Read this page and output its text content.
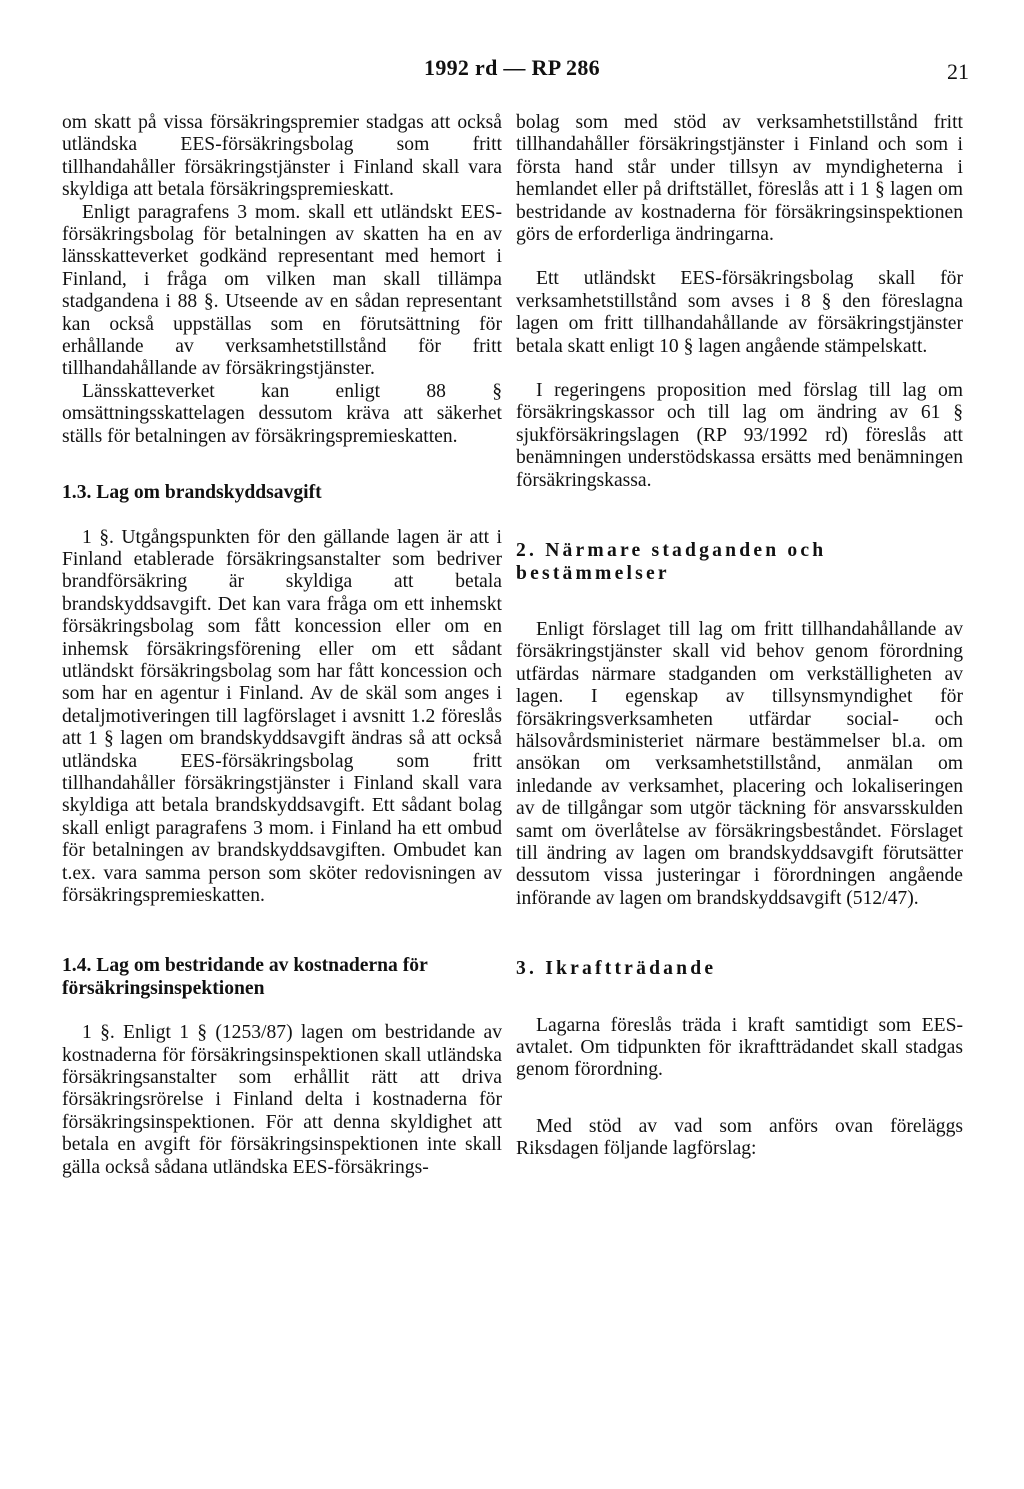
1992 rd — RP 286	21

om skatt på vissa försäkringspremier stadgas att också utländska EES-försäkringsbolag som fritt tillhandahåller försäkringstjänster i Finland skall vara skyldiga att betala försäkringspremieskatt.

Enligt paragrafens 3 mom. skall ett utländskt EES-försäkringsbolag för betalningen av skatten ha en av länsskatteverket godkänd representant med hemort i Finland, i fråga om vilken man skall tillämpa stadgandena i 88 §. Utseende av en sådan representant kan också uppställas som en förutsättning för erhållande av verksamhetstillstånd för fritt tillhandahållande av försäkringstjänster.

Länsskatteverket kan enligt 88 § omsättningsskattelagen dessutom kräva att säkerhet ställs för betalningen av försäkringspremieskatten.

1.3. Lag om brandskyddsavgift

1 §. Utgångspunkten för den gällande lagen är att i Finland etablerade försäkringsanstalter som bedriver brandförsäkring är skyldiga att betala brandskyddsavgift. Det kan vara fråga om ett inhemskt försäkringsbolag som fått koncession eller om en inhemsk försäkringsförening eller om ett sådant utländskt försäkringsbolag som har fått koncession och som har en agentur i Finland. Av de skäl som anges i detaljmotiveringen till lagförslaget i avsnitt 1.2 föreslås att 1 § lagen om brandskyddsavgift ändras så att också utländska EES-försäkringsbolag som fritt tillhandahåller försäkringstjänster i Finland skall vara skyldiga att betala brandskyddsavgift. Ett sådant bolag skall enligt paragrafens 3 mom. i Finland ha ett ombud för betalningen av brandskyddsavgiften. Ombudet kan t.ex. vara samma person som sköter redovisningen av försäkringspremieskatten.

1.4. Lag om bestridande av kostnaderna för försäkringsinspektionen

1 §. Enligt 1 § (1253/87) lagen om bestridande av kostnaderna för försäkringsinspektionen skall utländska försäkringsanstalter som erhållit rätt att driva försäkringsrörelse i Finland delta i kostnaderna för försäkringsinspektionen. För att denna skyldighet att betala en avgift för försäkringsinspektionen inte skall gälla också sådana utländska EES-försäkrings-

bolag som med stöd av verksamhetstillstånd fritt tillhandahåller försäkringstjänster i Finland och som i första hand står under tillsyn av myndigheterna i hemlandet eller på driftstället, föreslås att i 1 § lagen om bestridande av kostnaderna för försäkringsinspektionen görs de erforderliga ändringarna.

Ett utländskt EES-försäkringsbolag skall för verksamhetstillstånd som avses i 8 § den föreslagna lagen om fritt tillhandahållande av försäkringstjänster betala skatt enligt 10 § lagen angående stämpelskatt.

I regeringens proposition med förslag till lag om försäkringskassor och till lag om ändring av 61 § sjukförsäkringslagen (RP 93/1992 rd) föreslås att benämningen understödskassa ersätts med benämningen försäkringskassa.

2. Närmare stadganden och bestämmelser

Enligt förslaget till lag om fritt tillhandahållande av försäkringstjänster skall vid behov genom förordning utfärdas närmare stadganden om verkställigheten av lagen. I egenskap av tillsynsmyndighet för försäkringsverksamheten utfärdar social- och hälsovårdsministeriet närmare bestämmelser bl.a. om ansökan om verksamhetstillstånd, anmälan om inledande av verksamhet, placering och lokaliseringen av de tillgångar som utgör täckning för ansvarsskulden samt om överlåtelse av försäkringsbeståndet. Förslaget till ändring av lagen om brandskyddsavgift förutsätter dessutom vissa justeringar i förordningen angående införande av lagen om brandskyddsavgift (512/47).

3. Ikraftträdande

Lagarna föreslås träda i kraft samtidigt som EES-avtalet. Om tidpunkten för ikraftträdandet skall stadgas genom förordning.

Med stöd av vad som anförs ovan föreläggs Riksdagen följande lagförslag:
